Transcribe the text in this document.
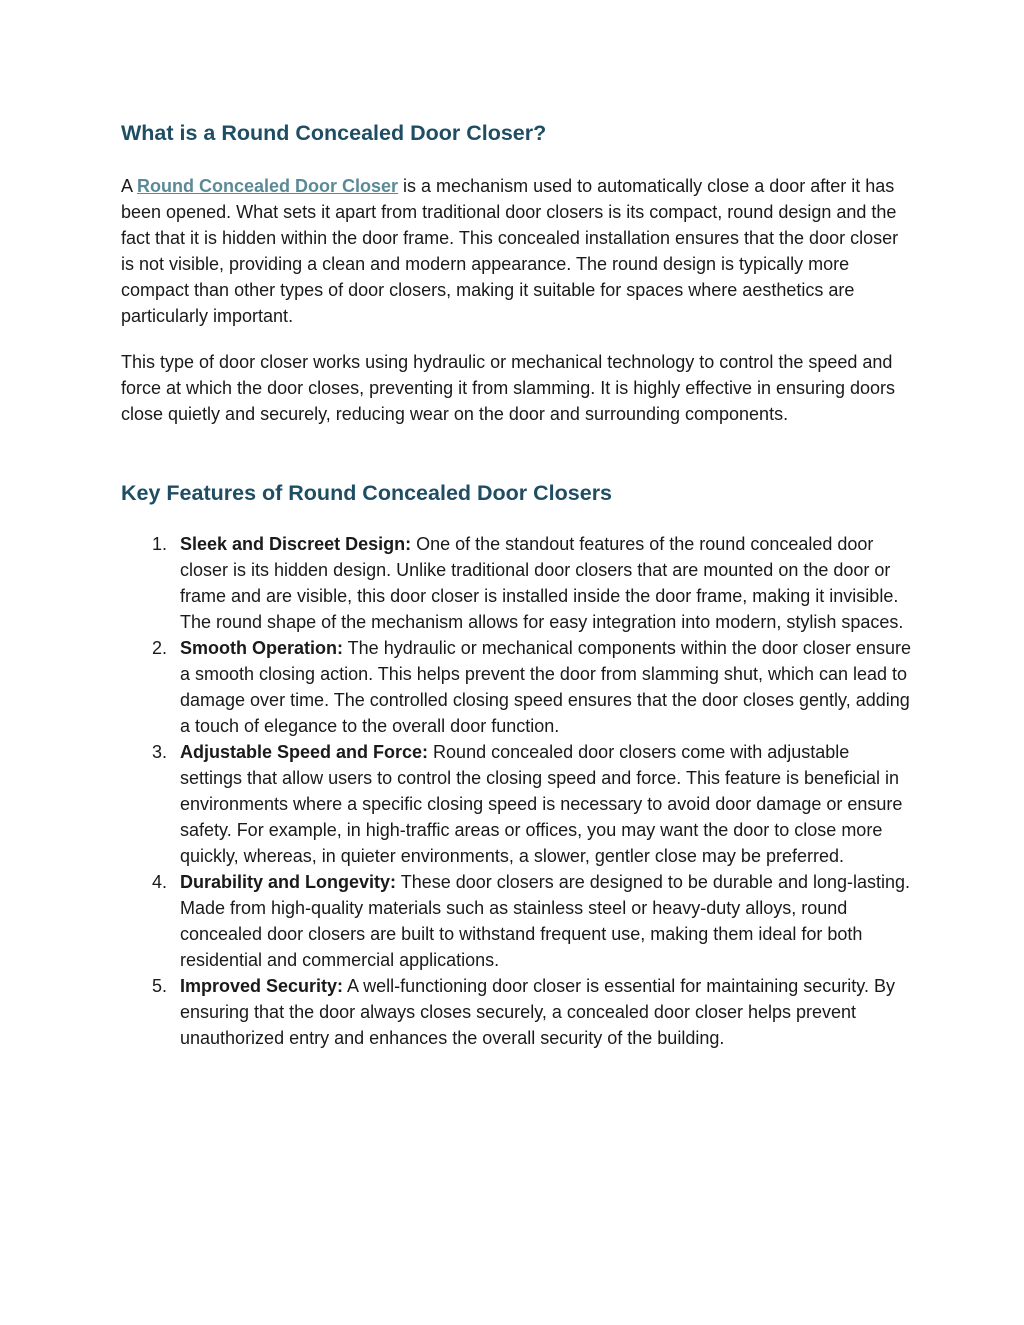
What is a Round Concealed Door Closer?

A Round Concealed Door Closer is a mechanism used to automatically close a door after it has been opened. What sets it apart from traditional door closers is its compact, round design and the fact that it is hidden within the door frame. This concealed installation ensures that the door closer is not visible, providing a clean and modern appearance. The round design is typically more compact than other types of door closers, making it suitable for spaces where aesthetics are particularly important.

This type of door closer works using hydraulic or mechanical technology to control the speed and force at which the door closes, preventing it from slamming. It is highly effective in ensuring doors close quietly and securely, reducing wear on the door and surrounding components.

Key Features of Round Concealed Door Closers
1. Sleek and Discreet Design: One of the standout features of the round concealed door closer is its hidden design. Unlike traditional door closers that are mounted on the door or frame and are visible, this door closer is installed inside the door frame, making it invisible. The round shape of the mechanism allows for easy integration into modern, stylish spaces.
2. Smooth Operation: The hydraulic or mechanical components within the door closer ensure a smooth closing action. This helps prevent the door from slamming shut, which can lead to damage over time. The controlled closing speed ensures that the door closes gently, adding a touch of elegance to the overall door function.
3. Adjustable Speed and Force: Round concealed door closers come with adjustable settings that allow users to control the closing speed and force. This feature is beneficial in environments where a specific closing speed is necessary to avoid door damage or ensure safety. For example, in high-traffic areas or offices, you may want the door to close more quickly, whereas, in quieter environments, a slower, gentler close may be preferred.
4. Durability and Longevity: These door closers are designed to be durable and long-lasting. Made from high-quality materials such as stainless steel or heavy-duty alloys, round concealed door closers are built to withstand frequent use, making them ideal for both residential and commercial applications.
5. Improved Security: A well-functioning door closer is essential for maintaining security. By ensuring that the door always closes securely, a concealed door closer helps prevent unauthorized entry and enhances the overall security of the building.
